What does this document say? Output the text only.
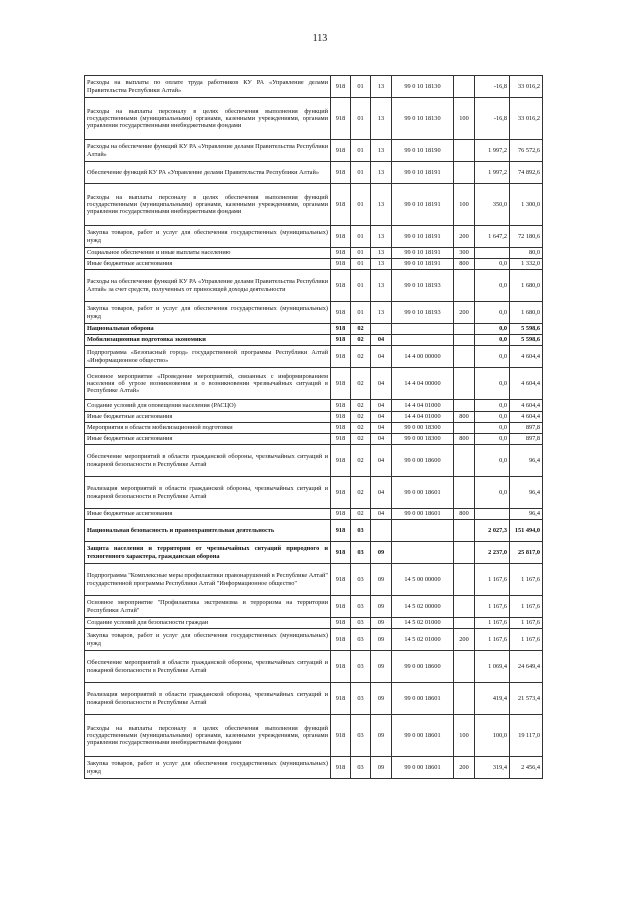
113
Расходы на выплаты по оплате труда работников КУ РА «Управление делами Правительства Республики Алтай»	918	01	13	99 0 10 18130		-16,8	33 016,2
Расходы на выплаты персоналу в целях обеспечения выполнения функций государственными (муниципальными) органами, казенными учреждениями, органами управления государственными внебюджетными фондами	918	01	13	99 0 10 18130	100	-16,8	33 016,2
Расходы на обеспечение функций КУ РА «Управление делами Правительства Республики Алтай»	918	01	13	99 0 10 18190		1 997,2	76 572,6
Обеспечение функций КУ РА «Управление делами Правительства Республики Алтай»	918	01	13	99 0 10 18191		1 997,2	74 892,6
Расходы на выплаты персоналу в целях обеспечения выполнения функций государственными (муниципальными) органами, казенными учреждениями, органами управления государственными внебюджетными фондами	918	01	13	99 0 10 18191	100	350,0	1 300,0
Закупка товаров, работ и услуг для обеспечения государственных (муниципальных) нужд	918	01	13	99 0 10 18191	200	1 647,2	72 180,6
Социальное обеспечение и иные выплаты населению	918	01	13	99 0 10 18191	300		80,0
Иные бюджетные ассигнования	918	01	13	99 0 10 18191	800	0,0	1 332,0
Расходы на обеспечение функций КУ РА «Управление делами Правительства Республики Алтай» за счет средств, полученных от приносящей доходы деятельности	918	01	13	99 0 10 18193		0,0	1 680,0
Закупка товаров, работ и услуг для обеспечения государственных (муниципальных) нужд	918	01	13	99 0 10 18193	200	0,0	1 680,0
Национальная оборона	918	02				0,0	5 598,6
Мобилизационная подготовка экономики	918	02	04			0,0	5 598,6
Подпрограмма «Безопасный город» государственной программы Республики Алтай «Информационное общество»	918	02	04	14 4 00 00000		0,0	4 604,4
Основное мероприятие «Проведение мероприятий, связанных с информированием населения об угрозе возникновения и о возникновении чрезвычайных ситуаций в Республике Алтай»	918	02	04	14 4 04 00000		0,0	4 604,4
Создание условий для оповещения населения (РАСЦО)	918	02	04	14 4 04 01000		0,0	4 604,4
Иные бюджетные ассигнования	918	02	04	14 4 04 01000	800	0,0	4 604,4
Мероприятия в области мобилизационной подготовки	918	02	04	99 0 00 18300		0,0	897,8
Иные бюджетные ассигнования	918	02	04	99 0 00 18300	800	0,0	897,8
Обеспечение мероприятий в области гражданской обороны, чрезвычайных ситуаций и пожарной безопасности в Республике Алтай	918	02	04	99 0 00 18600		0,0	96,4
Реализация мероприятий в области гражданской обороны, чрезвычайных ситуаций и пожарной безопасности в Республике Алтай	918	02	04	99 0 00 18601		0,0	96,4
Иные бюджетные ассигнования	918	02	04	99 0 00 18601	800		96,4
Национальная безопасность и правоохранительная деятельность	918	03				2 027,3	151 494,0
Защита населения и территории от чрезвычайных ситуаций природного и техногенного характера, гражданская оборона	918	03	09			2 237,0	25 817,0
Подпрограмма "Комплексные меры профилактики правонарушений в Республике Алтай" государственной программы Республики Алтай "Информационное общество"	918	03	09	14 5 00 00000		1 167,6	1 167,6
Основное мероприятие "Профилактика экстремизма и терроризма на территории Республики Алтай"	918	03	09	14 5 02 00000		1 167,6	1 167,6
Создание условий для безопасности граждан	918	03	09	14 5 02 01000		1 167,6	1 167,6
Закупка товаров, работ и услуг для обеспечения государственных (муниципальных) нужд	918	03	09	14 5 02 01000	200	1 167,6	1 167,6
Обеспечение мероприятий в области гражданской обороны, чрезвычайных ситуаций и пожарной безопасности в Республике Алтай	918	03	09	99 0 00 18600		1 069,4	24 649,4
Реализация мероприятий в области гражданской обороны, чрезвычайных ситуаций и пожарной безопасности в Республике Алтай	918	03	09	99 0 00 18601		419,4	21 573,4
Расходы на выплаты персоналу в целях обеспечения выполнения функций государственными (муниципальными) органами, казенными учреждениями, органами управления государственными внебюджетными фондами	918	03	09	99 0 00 18601	100	100,0	19 117,0
Закупка товаров, работ и услуг для обеспечения государственных (муниципальных) нужд	918	03	09	99 0 00 18601	200	319,4	2 456,4
